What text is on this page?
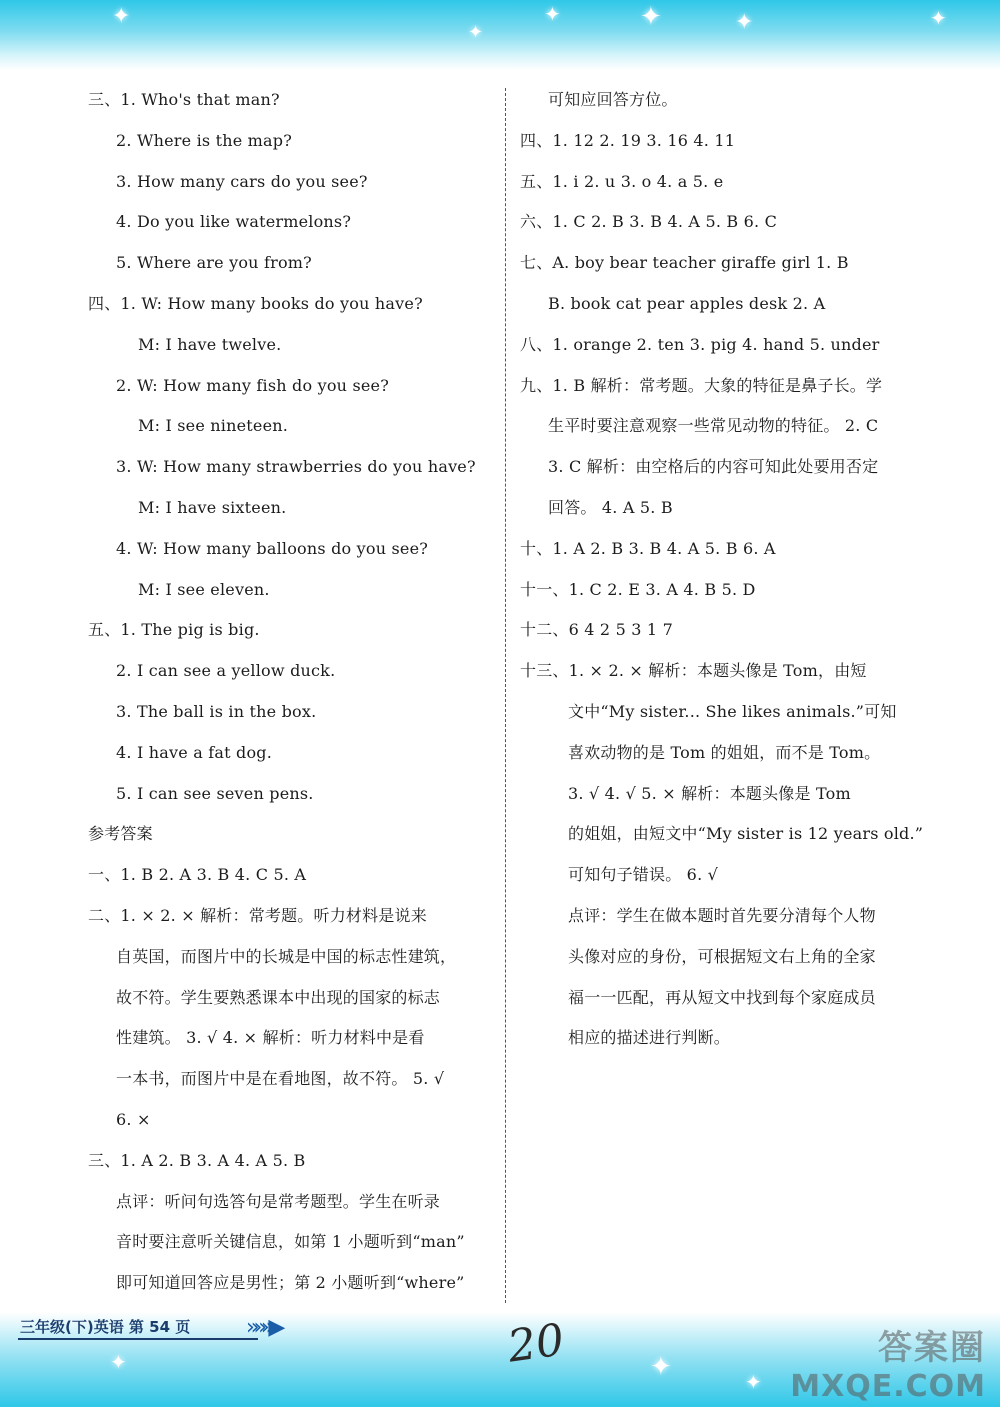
✦
✦
✦	✦	✦	✦
✦	✦	✦
三、1. Who's that man?
2. Where is the map?
3. How many cars do you see?
4. Do you like watermelons?
5. Where are you from?
四、1. W: How many books do you have?
M: I have twelve.
2. W: How many fish do you see?
M: I see nineteen.
3. W: How many strawberries do you have?
M: I have sixteen.
4. W: How many balloons do you see?
M: I see eleven.
五、1. The pig is big.
2. I can see a yellow duck.
3. The ball is in the box.
4. I have a fat dog.
5. I can see seven pens.
参考答案
一、1. B 2. A 3. B 4. C 5. A
二、1. × 2. × 解析：常考题。听力材料是说来
自英国，而图片中的长城是中国的标志性建筑，
故不符。学生要熟悉课本中出现的国家的标志
性建筑。 3. √ 4. × 解析：听力材料中是看
一本书，而图片中是在看地图，故不符。 5. √
6. ×
三、1. A 2. B 3. A 4. A 5. B
点评：听问句选答句是常考题型。学生在听录
音时要注意听关键信息，如第 1 小题听到“man”
即可知道回答应是男性；第 2 小题听到“where”
可知应回答方位。
四、1. 12 2. 19 3. 16 4. 11
五、1. i 2. u 3. o 4. a 5. e
六、1. C 2. B 3. B 4. A 5. B 6. C
七、A. boy bear teacher giraffe girl 1. B
B. book cat pear apples desk 2. A
八、1. orange 2. ten 3. pig 4. hand 5. under
九、1. B 解析：常考题。大象的特征是鼻子长。学
生平时要注意观察一些常见动物的特征。 2. C
3. C 解析：由空格后的内容可知此处要用否定
回答。 4. A 5. B
十、1. A 2. B 3. B 4. A 5. B 6. A
十一、1. C 2. E 3. A 4. B 5. D
十二、6 4 2 5 3 1 7
十三、1. × 2. × 解析：本题头像是 Tom，由短
文中“My sister... She likes animals.”可知
喜欢动物的是 Tom 的姐姐，而不是 Tom。
3. √ 4. √ 5. × 解析：本题头像是 Tom
的姐姐，由短文中“My sister is 12 years old.”
可知句子错误。 6. √
点评：学生在做本题时首先要分清每个人物
头像对应的身份，可根据短文右上角的全家
福一一匹配，再从短文中找到每个家庭成员
相应的描述进行判断。
三年级(下)英语 第 54 页	»»»▶	20	答案圈
MXQE.COM
